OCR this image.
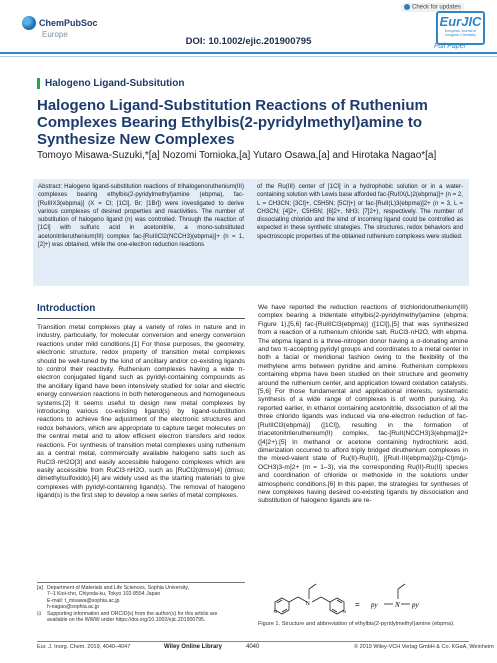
ChemPubSoc
Europe
Check for updates
DOI: 10.1002/ejic.201900795
EurJIC
European Journal of Inorganic Chemistry
Full Paper
Halogeno Ligand-Subsitution
Halogeno Ligand-Substitution Reactions of Ruthenium Complexes Bearing Ethylbis(2-pyridylmethyl)amine to Synthesize New Complexes
Tomoyo Misawa-Suzuki,*[a] Nozomi Tomioka,[a] Yutaro Osawa,[a] and Hirotaka Nagao*[a]
Abstract: Halogeno ligand-substitution reactions of trihalogenoruthenium(III) complexes bearing ethylbis(2-pyridylmethyl)amine (ebpma), fac-[RuIIIX3(ebpma)] (X = Cl; [1Cl], Br; [1Br]) were investigated to derive various complexes of desired properties and reactivities. The number of substitution of halogeno ligand (n) was controlled. Through the reaction of [1Cl] with sulfuric acid in acetonitrile, a mono-substituted acetonitrileruthenium(III) complex fac-[RuIIICl2(NCCH3)(ebpma)]+ (n = 1, [2]+) was obtained, while the one-electron reduction reactions
of the Ru(III) center of [1Cl] in a hydrophobic solution or in a water-containing solution with Lewis base afforded fac-[RuIIX(L)2(ebpma)]+ (n = 2, L = CH3CN; [3Cl]+, C5H5N; [5Cl]+) or fac-[RuII(L)3(ebpma)]2+ (n = 3, L = CH3CN; [4]2+, C5H5N; [6]2+, NH3; [7]2+), respectively. The number of dissociating chlorido and the kind of incoming ligand could be controlled as expected in these synthetic strategies. The structures, redox behaviors and spectroscopic properties of the obtained ruthenium complexes were studied.
Introduction
Transition metal complexes play a variety of roles in nature and in industry, particularly, for molecular conversion and energy conversion reactions under mild conditions.[1] For those purposes, the geometry, electronic structure, redox property of transition metal complexes should be well-tuned by the kind of ancillary and/or co-existing ligands to control their reactivity. Ruthenium complexes having a wide π-electron conjugated ligand such as pyridyl-containing compounds as the ancillary ligand have been intensively studied for solar and electric energy conversion reactions in both heterogeneous and homogeneous systems.[2] It seems useful to design new metal complexes by introducing various co-existing ligand(s) by ligand-substitution reactions to achieve fine adjustment of the electronic structures and redox behaviors, which are appropriate to capture target molecules on the central metal and to allow efficient electron transfers and redox reactions. For synthesis of transition metal complexes using ruthenium as a central metal, commercially available halogeno salts such as RuCl3·nH2O[3] and easily accessible halogeno complexes which are easily accessible from RuCl3·nH2O, such as [RuCl2(dmso)4] (dmso; dimethylsulfoxido),[4] are widely used as the starting materials to give complexes with pyridyl-containing ligand(s). The removal of halogeno ligand(s) is the first step to develop a new series of metal complexes.
We have reported the reduction reactions of trichloridoruthenium(III) complex bearing a tridentate ethylbis(2-pyridylmethyl)amine (ebpma; Figure 1),[5,6] fac-[RuIIICl3(ebpma)] ([1Cl]),[5] that was synthesized from a reaction of a ruthenium chloride salt, RuCl3·nH2O, with ebpma. The ebpma ligand is a three-nitrogen donor having a σ-donating amine and two π-accepting pyridyl groups and coordinates to a metal center in both a facial or meridional fashion owing to the flexibility of the methylene arms between pyridine and amine. Ruthenium complexes containing ebpma have been studied on their structure and geometry around the ruthenium center, and application toward oxidation catalysts.[5,6] For those fundamental and applicational interests, systematic synthesis of a wide range of complexes is of worth pursuing. As reported earlier, in ethanol containing acetonitrile, dissociation of all the three chlorido ligands was induced via one-electron reduction of fac-[RuIIICl3(ebpma)] ([1Cl]), resulting in the formation of triacetonitrileruthenium(II) complex, fac-[RuII(NCCH3)3(ebpma)]2+ ([4]2+).[5] In methanol or acetone containing hydrochloric acid, dimerization occurred to afford triply bridged diruthenium complexes in the mixed-valent state of Ru(II)-Ru(III), [{RuII·III(ebpma)}2(μ-Cl)m(μ-OCH3)3-m]2+ (m = 1–3), via the corresponding Ru(II)-Ru(II) species and coordination of chloride or methoxide in the solutions under atmospheric conditions.[6] In this paper, the strategies for syntheses of new complexes having desired co-existing ligands by dissociation and substitution of halogeno ligands are re-
[a] Department of Materials and Life Sciences, Sophia University,
7–1 Kioi-cho, Chiyoda-ku, Tokyo 102-8554 Japan
E-mail: t_misawa@sophia.ac.jp
h-nagao@sophia.ac.jp
⊡ Supporting information and ORCID(s) from the author(s) for this article are
available on the WWW under https://doi.org/10.1002/ejic.201900795.
N
N
N
= py N py
Figure 1. Structure and abbreviation of ethylbis(2-pyridylmethyl)amine (ebpma).
Eur. J. Inorg. Chem. 2019, 4040–4047	Wiley Online Library	4040	© 2019 Wiley-VCH Verlag GmbH & Co. KGaA, Weinheim
